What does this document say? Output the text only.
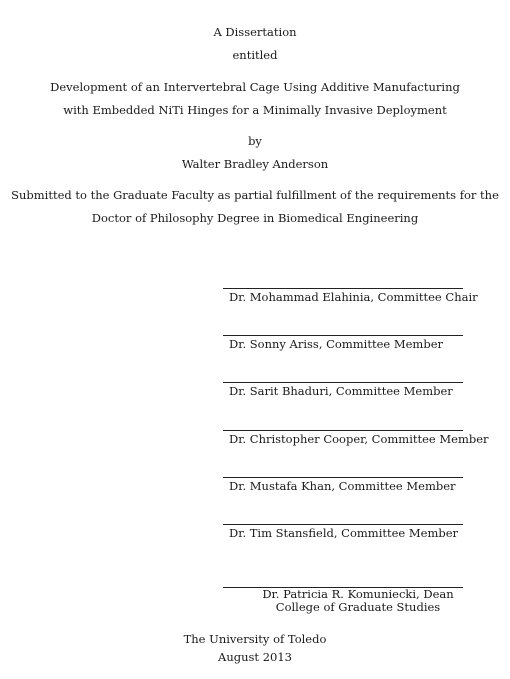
A Dissertation
entitled
Development of an Intervertebral Cage Using Additive Manufacturing
with Embedded NiTi Hinges for a Minimally Invasive Deployment
by
Walter Bradley Anderson
Submitted to the Graduate Faculty as partial fulfillment of the requirements for the
Doctor of Philosophy Degree in Biomedical Engineering
Dr. Mohammad Elahinia, Committee Chair
Dr. Sonny Ariss, Committee Member
Dr. Sarit Bhaduri, Committee Member
Dr. Christopher Cooper, Committee Member
Dr. Mustafa Khan, Committee Member
Dr. Tim Stansfield, Committee Member
Dr. Patricia R. Komuniecki, Dean
College of Graduate Studies
The University of Toledo
August 2013
